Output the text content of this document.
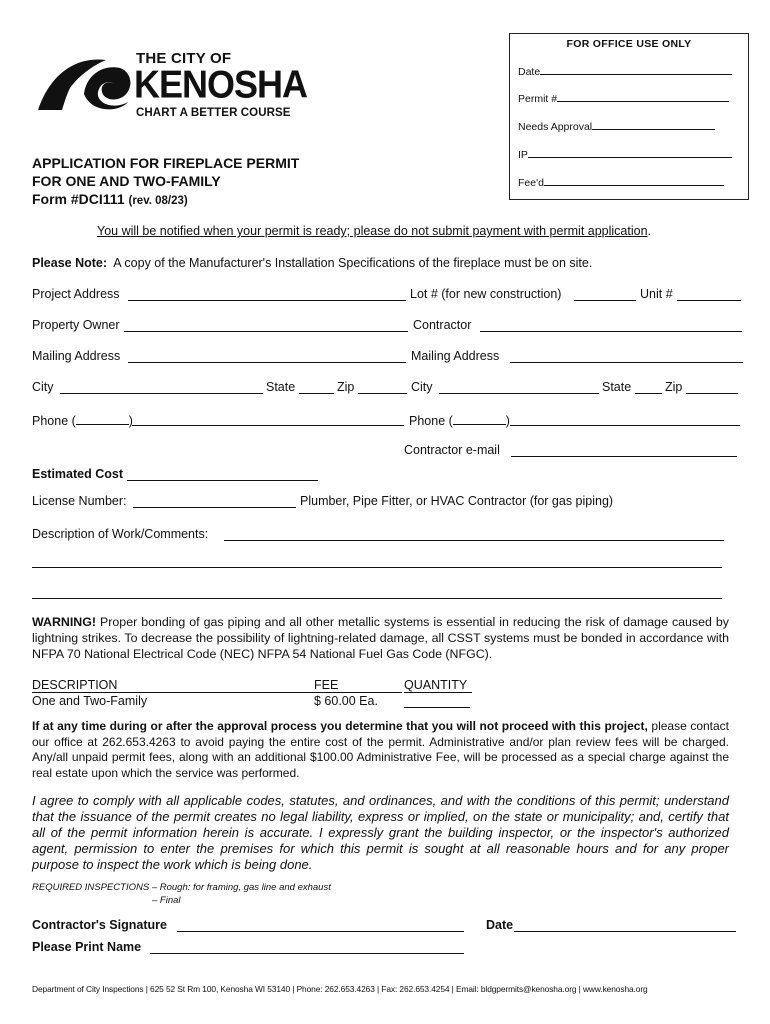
THE CITY OF
KENOSHA
CHART A BETTER COURSE
FOR OFFICE USE ONLY
Date
Permit #
Needs Approval
IP
Fee'd
APPLICATION FOR FIREPLACE PERMIT
FOR ONE AND TWO-FAMILY
Form #DCI111 (rev. 08/23)
You will be notified when your permit is ready; please do not submit payment with permit application.
Please Note: A copy of the Manufacturer's Installation Specifications of the fireplace must be on site.
Project Address	Lot # (for new construction)	Unit #
Property Owner	Contractor
Mailing Address	Mailing Address
City	State	Zip	City	State	Zip
Phone (	)	Phone (	)
Contractor e-mail
Estimated Cost
License Number:	Plumber, Pipe Fitter, or HVAC Contractor (for gas piping)
Description of Work/Comments:
WARNING! Proper bonding of gas piping and all other metallic systems is essential in reducing the risk of damage caused by lightning strikes. To decrease the possibility of lightning-related damage, all CSST systems must be bonded in accordance with NFPA 70 National Electrical Code (NEC) NFPA 54 National Fuel Gas Code (NFGC).
DESCRIPTION	FEE	QUANTITY
One and Two-Family	$ 60.00 Ea.
If at any time during or after the approval process you determine that you will not proceed with this project, please contact our office at 262.653.4263 to avoid paying the entire cost of the permit. Administrative and/or plan review fees will be charged. Any/all unpaid permit fees, along with an additional $100.00 Administrative Fee, will be processed as a special charge against the real estate upon which the service was performed.
I agree to comply with all applicable codes, statutes, and ordinances, and with the conditions of this permit; understand that the issuance of the permit creates no legal liability, express or implied, on the state or municipality; and, certify that all of the permit information herein is accurate. I expressly grant the building inspector, or the inspector's authorized agent, permission to enter the premises for which this permit is sought at all reasonable hours and for any proper purpose to inspect the work which is being done.
REQUIRED INSPECTIONS – Rough: for framing, gas line and exhaust
– Final
Contractor's Signature	Date
Please Print Name
Department of City Inspections | 625 52 St Rm 100, Kenosha WI 53140 | Phone: 262.653.4263 | Fax: 262.653.4254 | Email: bldgpermits@kenosha.org | www.kenosha.org
